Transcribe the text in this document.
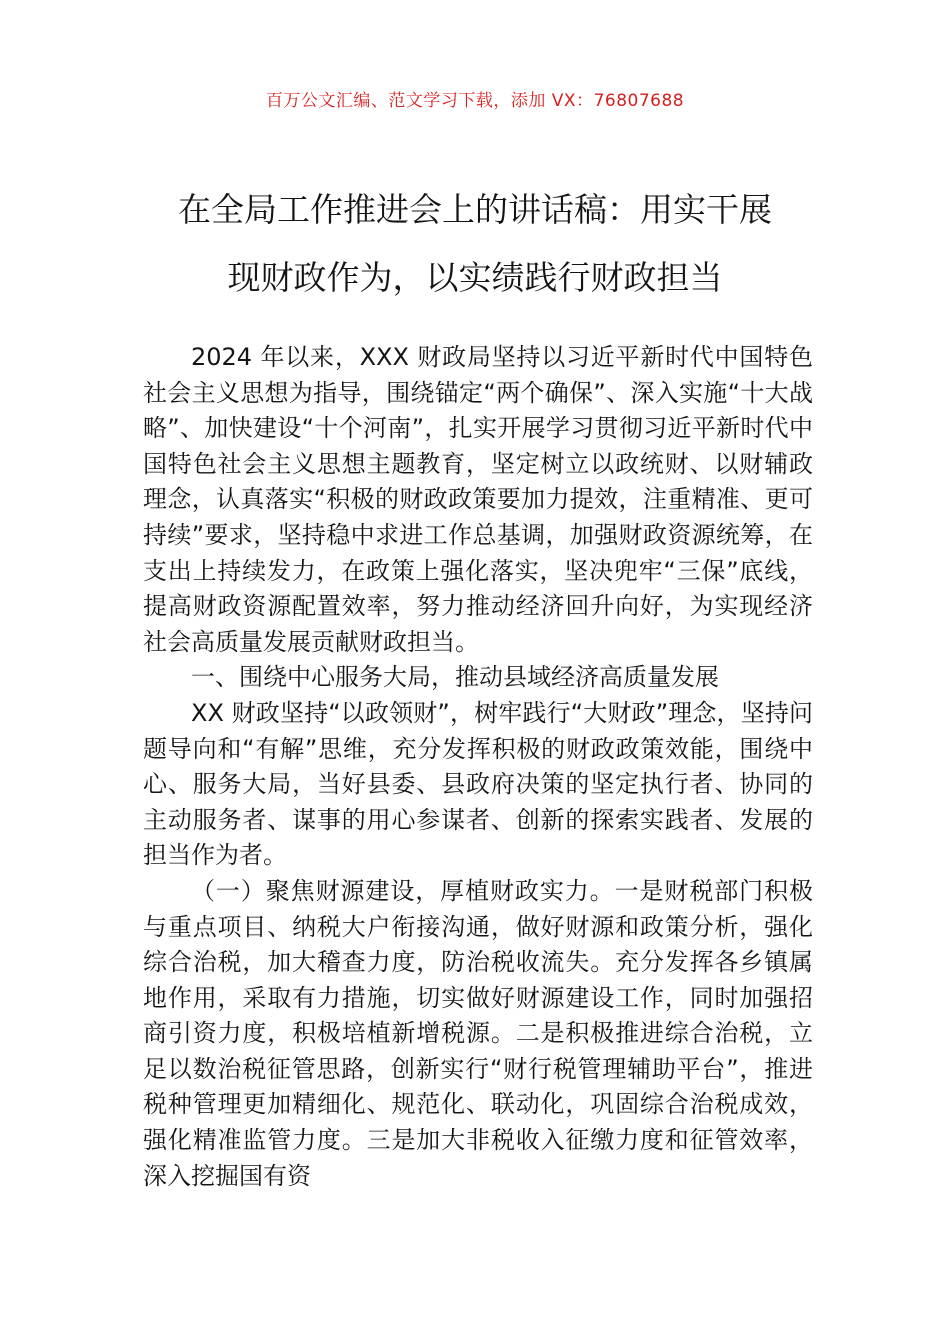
百万公文汇编、范文学习下载，添加 VX：76807688
在全局工作推进会上的讲话稿：用实干展
现财政作为，以实绩践行财政担当

2024 年以来，XXX 财政局坚持以习近平新时代中国特色社会主义思想为指导，围绕锚定“两个确保”、深入实施“十大战略”、加快建设“十个河南”，扎实开展学习贯彻习近平新时代中国特色社会主义思想主题教育，坚定树立以政统财、以财辅政理念，认真落实“积极的财政政策要加力提效，注重精准、更可持续”要求，坚持稳中求进工作总基调，加强财政资源统筹，在支出上持续发力，在政策上强化落实，坚决兜牢“三保”底线，提高财政资源配置效率，努力推动经济回升向好，为实现经济社会高质量发展贡献财政担当。

一、围绕中心服务大局，推动县域经济高质量发展

XX 财政坚持“以政领财”，树牢践行“大财政”理念，坚持问题导向和“有解”思维，充分发挥积极的财政政策效能，围绕中心、服务大局，当好县委、县政府决策的坚定执行者、协同的主动服务者、谋事的用心参谋者、创新的探索实践者、发展的担当作为者。

（一）聚焦财源建设，厚植财政实力。一是财税部门积极与重点项目、纳税大户衔接沟通，做好财源和政策分析，强化综合治税，加大稽查力度，防治税收流失。充分发挥各乡镇属地作用，采取有力措施，切实做好财源建设工作，同时加强招商引资力度，积极培植新增税源。二是积极推进综合治税，立足以数治税征管思路，创新实行“财行税管理辅助平台”，推进税种管理更加精细化、规范化、联动化，巩固综合治税成效，强化精准监管力度。三是加大非税收入征缴力度和征管效率，深入挖掘国有资
